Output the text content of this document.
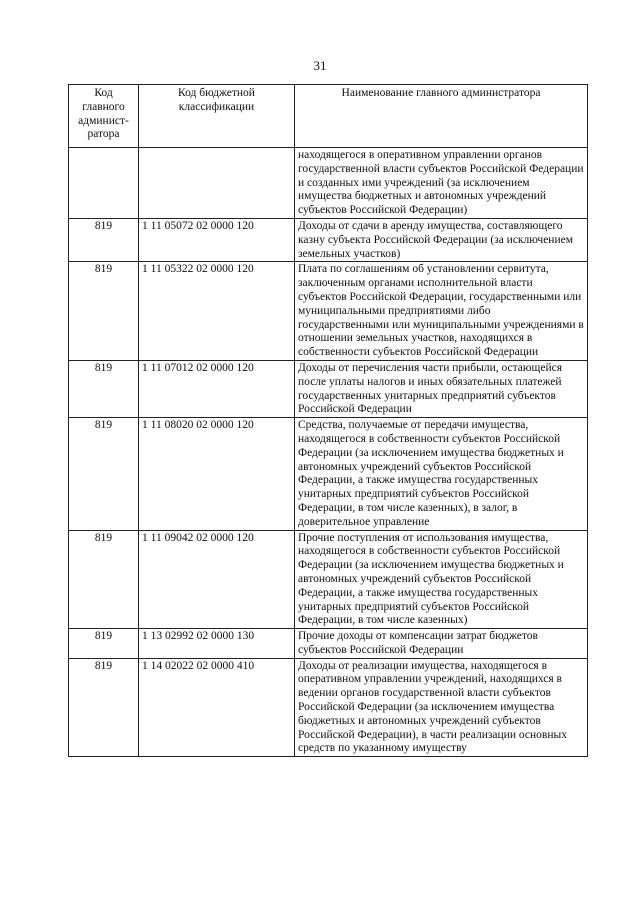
31
Код главного админист-ратора	Код бюджетной классификации	Наименование главного администратора
		находящегося в оперативном управлении органов государственной власти субъектов Российской Федерации и созданных ими учреждений (за исключением имущества бюджетных и автономных учреждений субъектов Российской Федерации)
819	1 11 05072 02 0000 120	Доходы от сдачи в аренду имущества, составляющего казну субъекта Российской Федерации (за исключением земельных участков)
819	1 11 05322 02 0000 120	Плата по соглашениям об установлении сервитута, заключенным органами исполнительной власти субъектов Российской Федерации, государственными или муниципальными предприятиями либо государственными или муниципальными учреждениями в отношении земельных участков, находящихся в собственности субъектов Российской Федерации
819	1 11 07012 02 0000 120	Доходы от перечисления части прибыли, остающейся после уплаты налогов и иных обязательных платежей государственных унитарных предприятий субъектов Российской Федерации
819	1 11 08020 02 0000 120	Средства, получаемые от передачи имущества, находящегося в собственности субъектов Российской Федерации (за исключением имущества бюджетных и автономных учреждений субъектов Российской Федерации, а также имущества государственных унитарных предприятий субъектов Российской Федерации, в том числе казенных), в залог, в доверительное управление
819	1 11 09042 02 0000 120	Прочие поступления от использования имущества, находящегося в собственности субъектов Российской Федерации (за исключением имущества бюджетных и автономных учреждений субъектов Российской Федерации, а также имущества государственных унитарных предприятий субъектов Российской Федерации, в том числе казенных)
819	1 13 02992 02 0000 130	Прочие доходы от компенсации затрат бюджетов субъектов Российской Федерации
819	1 14 02022 02 0000 410	Доходы от реализации имущества, находящегося в оперативном управлении учреждений, находящихся в ведении органов государственной власти субъектов Российской Федерации (за исключением имущества бюджетных и автономных учреждений субъектов Российской Федерации), в части реализации основных средств по указанному имуществу
